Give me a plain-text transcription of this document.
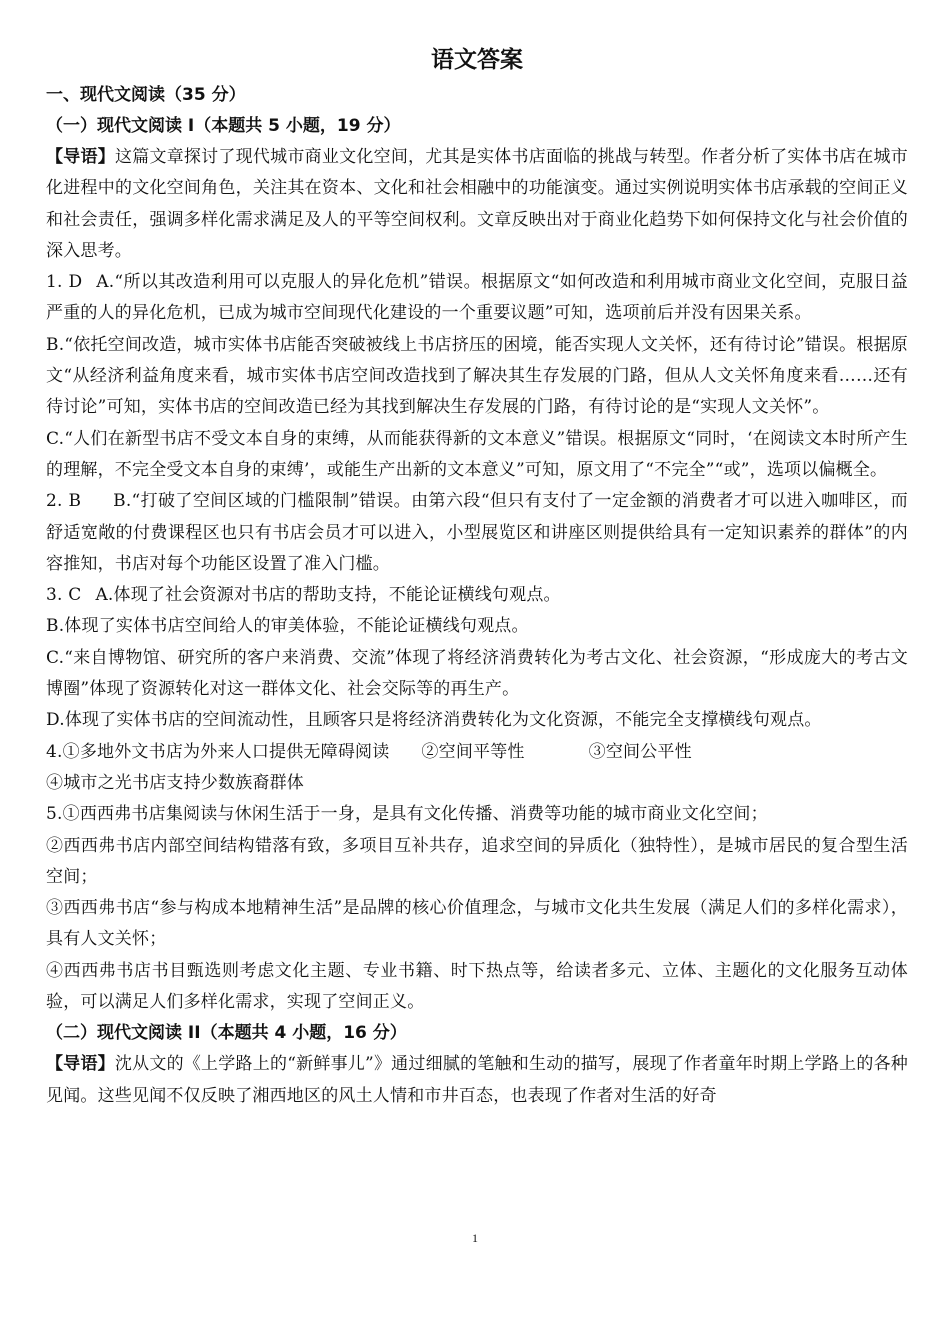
语文答案
一、现代文阅读（35 分）
（一）现代文阅读 I（本题共 5 小题，19 分）

【导语】这篇文章探讨了现代城市商业文化空间，尤其是实体书店面临的挑战与转型。作者分析了实体书店在城市化进程中的文化空间角色，关注其在资本、文化和社会相融中的功能演变。通过实例说明实体书店承载的空间正义和社会责任，强调多样化需求满足及人的平等空间权利。文章反映出对于商业化趋势下如何保持文化与社会价值的深入思考。

1. D A.“所以其改造利用可以克服人的异化危机”错误。根据原文“如何改造和利用城市商业文化空间，克服日益严重的人的异化危机，已成为城市空间现代化建设的一个重要议题”可知，选项前后并没有因果关系。

B.“依托空间改造，城市实体书店能否突破被线上书店挤压的困境，能否实现人文关怀，还有待讨论”错误。根据原文“从经济利益角度来看，城市实体书店空间改造找到了解决其生存发展的门路，但从人文关怀角度来看……还有待讨论”可知，实体书店的空间改造已经为其找到解决生存发展的门路，有待讨论的是“实现人文关怀”。

C.“人们在新型书店不受文本自身的束缚，从而能获得新的文本意义”错误。根据原文“同时，‘在阅读文本时所产生的理解，不完全受文本自身的束缚’，或能生产出新的文本意义”可知，原文用了“不完全”“或”，选项以偏概全。

2. B B.“打破了空间区域的门槛限制”错误。由第六段“但只有支付了一定金额的消费者才可以进入咖啡区，而舒适宽敞的付费课程区也只有书店会员才可以进入，小型展览区和讲座区则提供给具有一定知识素养的群体”的内容推知，书店对每个功能区设置了准入门槛。

3. C A.体现了社会资源对书店的帮助支持，不能论证横线句观点。

B.体现了实体书店空间给人的审美体验，不能论证横线句观点。

C.“来自博物馆、研究所的客户来消费、交流”体现了将经济消费转化为考古文化、社会资源，“形成庞大的考古文博圈”体现了资源转化对这一群体文化、社会交际等的再生产。

D.体现了实体书店的空间流动性，且顾客只是将经济消费转化为文化资源，不能完全支撑横线句观点。

4.①多地外文书店为外来人口提供无障碍阅读 ②空间平等性	③空间公平性

④城市之光书店支持少数族裔群体

5.①西西弗书店集阅读与休闲生活于一身，是具有文化传播、消费等功能的城市商业文化空间；

②西西弗书店内部空间结构错落有致，多项目互补共存，追求空间的异质化（独特性），是城市居民的复合型生活空间；

③西西弗书店“参与构成本地精神生活”是品牌的核心价值理念，与城市文化共生发展（满足人们的多样化需求），具有人文关怀；

④西西弗书店书目甄选则考虑文化主题、专业书籍、时下热点等，给读者多元、立体、主题化的文化服务互动体验，可以满足人们多样化需求，实现了空间正义。

（二）现代文阅读 II（本题共 4 小题，16 分）

【导语】沈从文的《上学路上的“新鲜事儿”》通过细腻的笔触和生动的描写，展现了作者童年时期上学路上的各种见闻。这些见闻不仅反映了湘西地区的风土人情和市井百态，也表现了作者对生活的好奇

1
